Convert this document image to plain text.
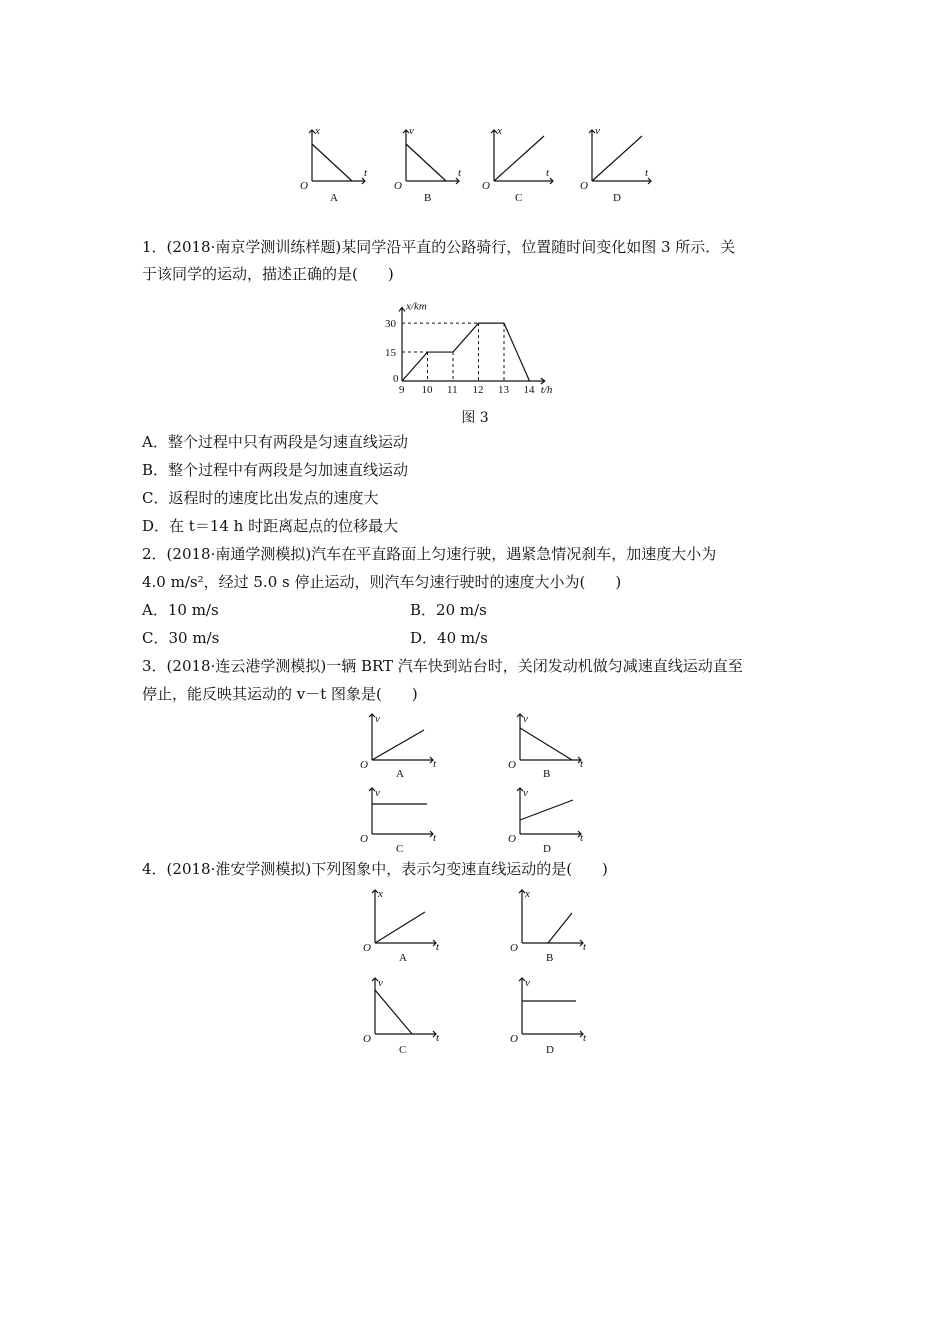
x
O
t
A
v
O
t
B
x
O
t
C
v
O
t
D
1．(2018·南京学测训练样题)某同学沿平直的公路骑行，位置随时间变化如图 3 所示．关
于该同学的运动，描述正确的是(　　)
9 10 11 12 13 14
0
15
30
x/km
t/h
图 3
A．整个过程中只有两段是匀速直线运动
B．整个过程中有两段是匀加速直线运动
C．返程时的速度比出发点的速度大
D．在 t＝14 h 时距离起点的位移最大
2．(2018·南通学测模拟)汽车在平直路面上匀速行驶，遇紧急情况刹车，加速度大小为
4.0 m/s²，经过 5.0 s 停止运动，则汽车匀速行驶时的速度大小为(　　)
A．10 m/s	B．20 m/s
C．30 m/s	D．40 m/s
3．(2018·连云港学测模拟)一辆 BRT 汽车快到站台时，关闭发动机做匀减速直线运动直至
停止，能反映其运动的 v－t 图象是(　　)
v
O	t
A
v
O	t
B
v
O	t
C
v
O	t
D
4．(2018·淮安学测模拟)下列图象中，表示匀变速直线运动的是(　　)
x
O	t
A
x
O	t
B
v
O	t
C
v
O	t
D
